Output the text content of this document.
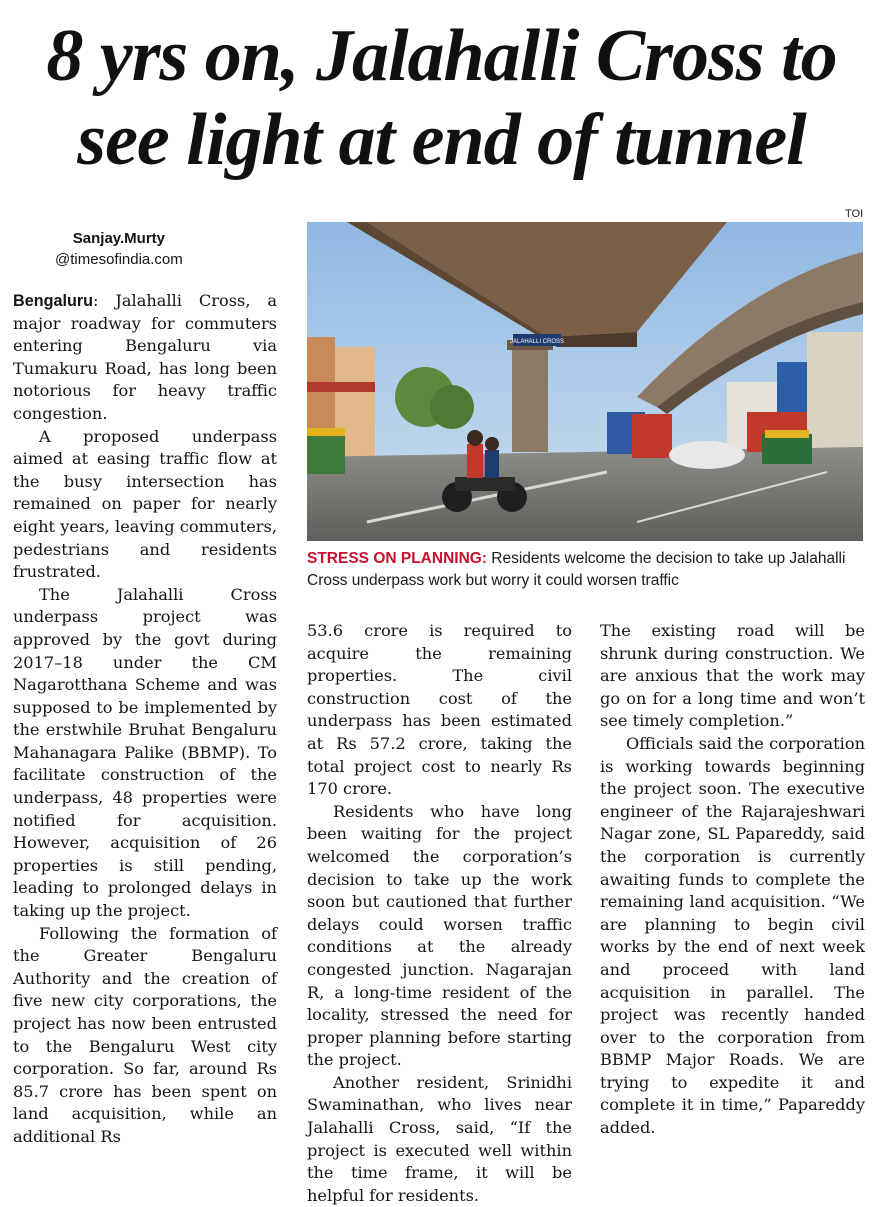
8 yrs on, Jalahalli Cross to
see light at end of tunnel
Sanjay.Murty
@timesofindia.com
TOI
JALAHALLI CROSS
STRESS ON PLANNING: Residents welcome the decision to take up Jalahalli Cross underpass work but worry it could worsen traffic

Bengaluru: Jalahalli Cross, a major roadway for commuters entering Bengaluru via Tumakuru Road, has long been notorious for heavy traffic congestion.

A proposed underpass aimed at easing traffic flow at the busy intersection has remained on paper for nearly eight years, leaving commuters, pedestrians and residents frustrated.

The Jalahalli Cross underpass project was approved by the govt during 2017–18 under the CM Nagarotthana Scheme and was supposed to be implemented by the erstwhile Bruhat Bengaluru Mahanagara Palike (BBMP). To facilitate construction of the underpass, 48 properties were notified for acquisition. However, acquisition of 26 properties is still pending, leading to prolonged delays in taking up the project.

Following the formation of the Greater Bengaluru Authority and the creation of five new city corporations, the project has now been entrusted to the Bengaluru West city corporation. So far, around Rs 85.7 crore has been spent on land acquisition, while an additional Rs

53.6 crore is required to acquire the remaining properties. The civil construction cost of the underpass has been estimated at Rs 57.2 crore, taking the total project cost to nearly Rs 170 crore.

Residents who have long been waiting for the project welcomed the corporation’s decision to take up the work soon but cautioned that further delays could worsen traffic conditions at the already congested junction. Nagarajan R, a long-time resident of the locality, stressed the need for proper planning before starting the project.

Another resident, Srinidhi Swaminathan, who lives near Jalahalli Cross, said, “If the project is executed well within the time frame, it will be helpful for residents.

The existing road will be shrunk during construction. We are anxious that the work may go on for a long time and won’t see timely completion.”

Officials said the corporation is working towards beginning the project soon. The executive engineer of the Rajarajeshwari Nagar zone, SL Papareddy, said the corporation is currently awaiting funds to complete the remaining land acquisition. “We are planning to begin civil works by the end of next week and proceed with land acquisition in parallel. The project was recently handed over to the corporation from BBMP Major Roads. We are trying to expedite it and complete it in time,” Papareddy added.
